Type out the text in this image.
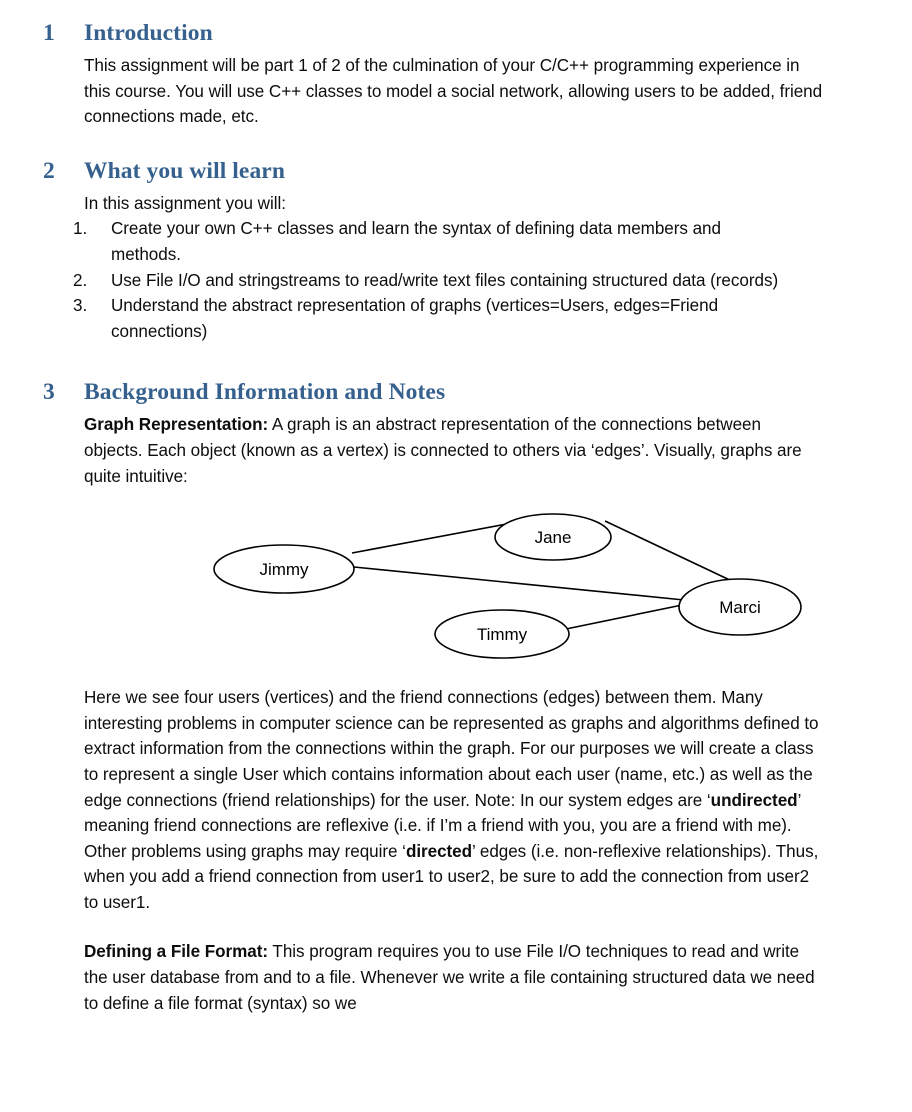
1	Introduction

This assignment will be part 1 of 2 of the culmination of your C/C++ programming experience in this course. You will use C++ classes to model a social network, allowing users to be added, friend connections made, etc.

2	What you will learn

In this assignment you will:

1.	Create your own C++ classes and learn the syntax of defining data members and methods.
2.	Use File I/O and stringstreams to read/write text files containing structured data (records)
3.	Understand the abstract representation of graphs (vertices=Users, edges=Friend connections)
3	Background Information and Notes

Graph Representation: A graph is an abstract representation of the connections between objects. Each object (known as a vertex) is connected to others via ‘edges’. Visually, graphs are quite intuitive:

Jimmy
Jane
Marci
Timmy

Here we see four users (vertices) and the friend connections (edges) between them. Many interesting problems in computer science can be represented as graphs and algorithms defined to extract information from the connections within the graph. For our purposes we will create a class to represent a single User which contains information about each user (name, etc.) as well as the edge connections (friend relationships) for the user. Note: In our system edges are ‘undirected’ meaning friend connections are reflexive (i.e. if I’m a friend with you, you are a friend with me). Other problems using graphs may require ‘directed’ edges (i.e. non-reflexive relationships). Thus, when you add a friend connection from user1 to user2, be sure to add the connection from user2 to user1.

Defining a File Format: This program requires you to use File I/O techniques to read and write the user database from and to a file. Whenever we write a file containing structured data we need to define a file format (syntax) so we
